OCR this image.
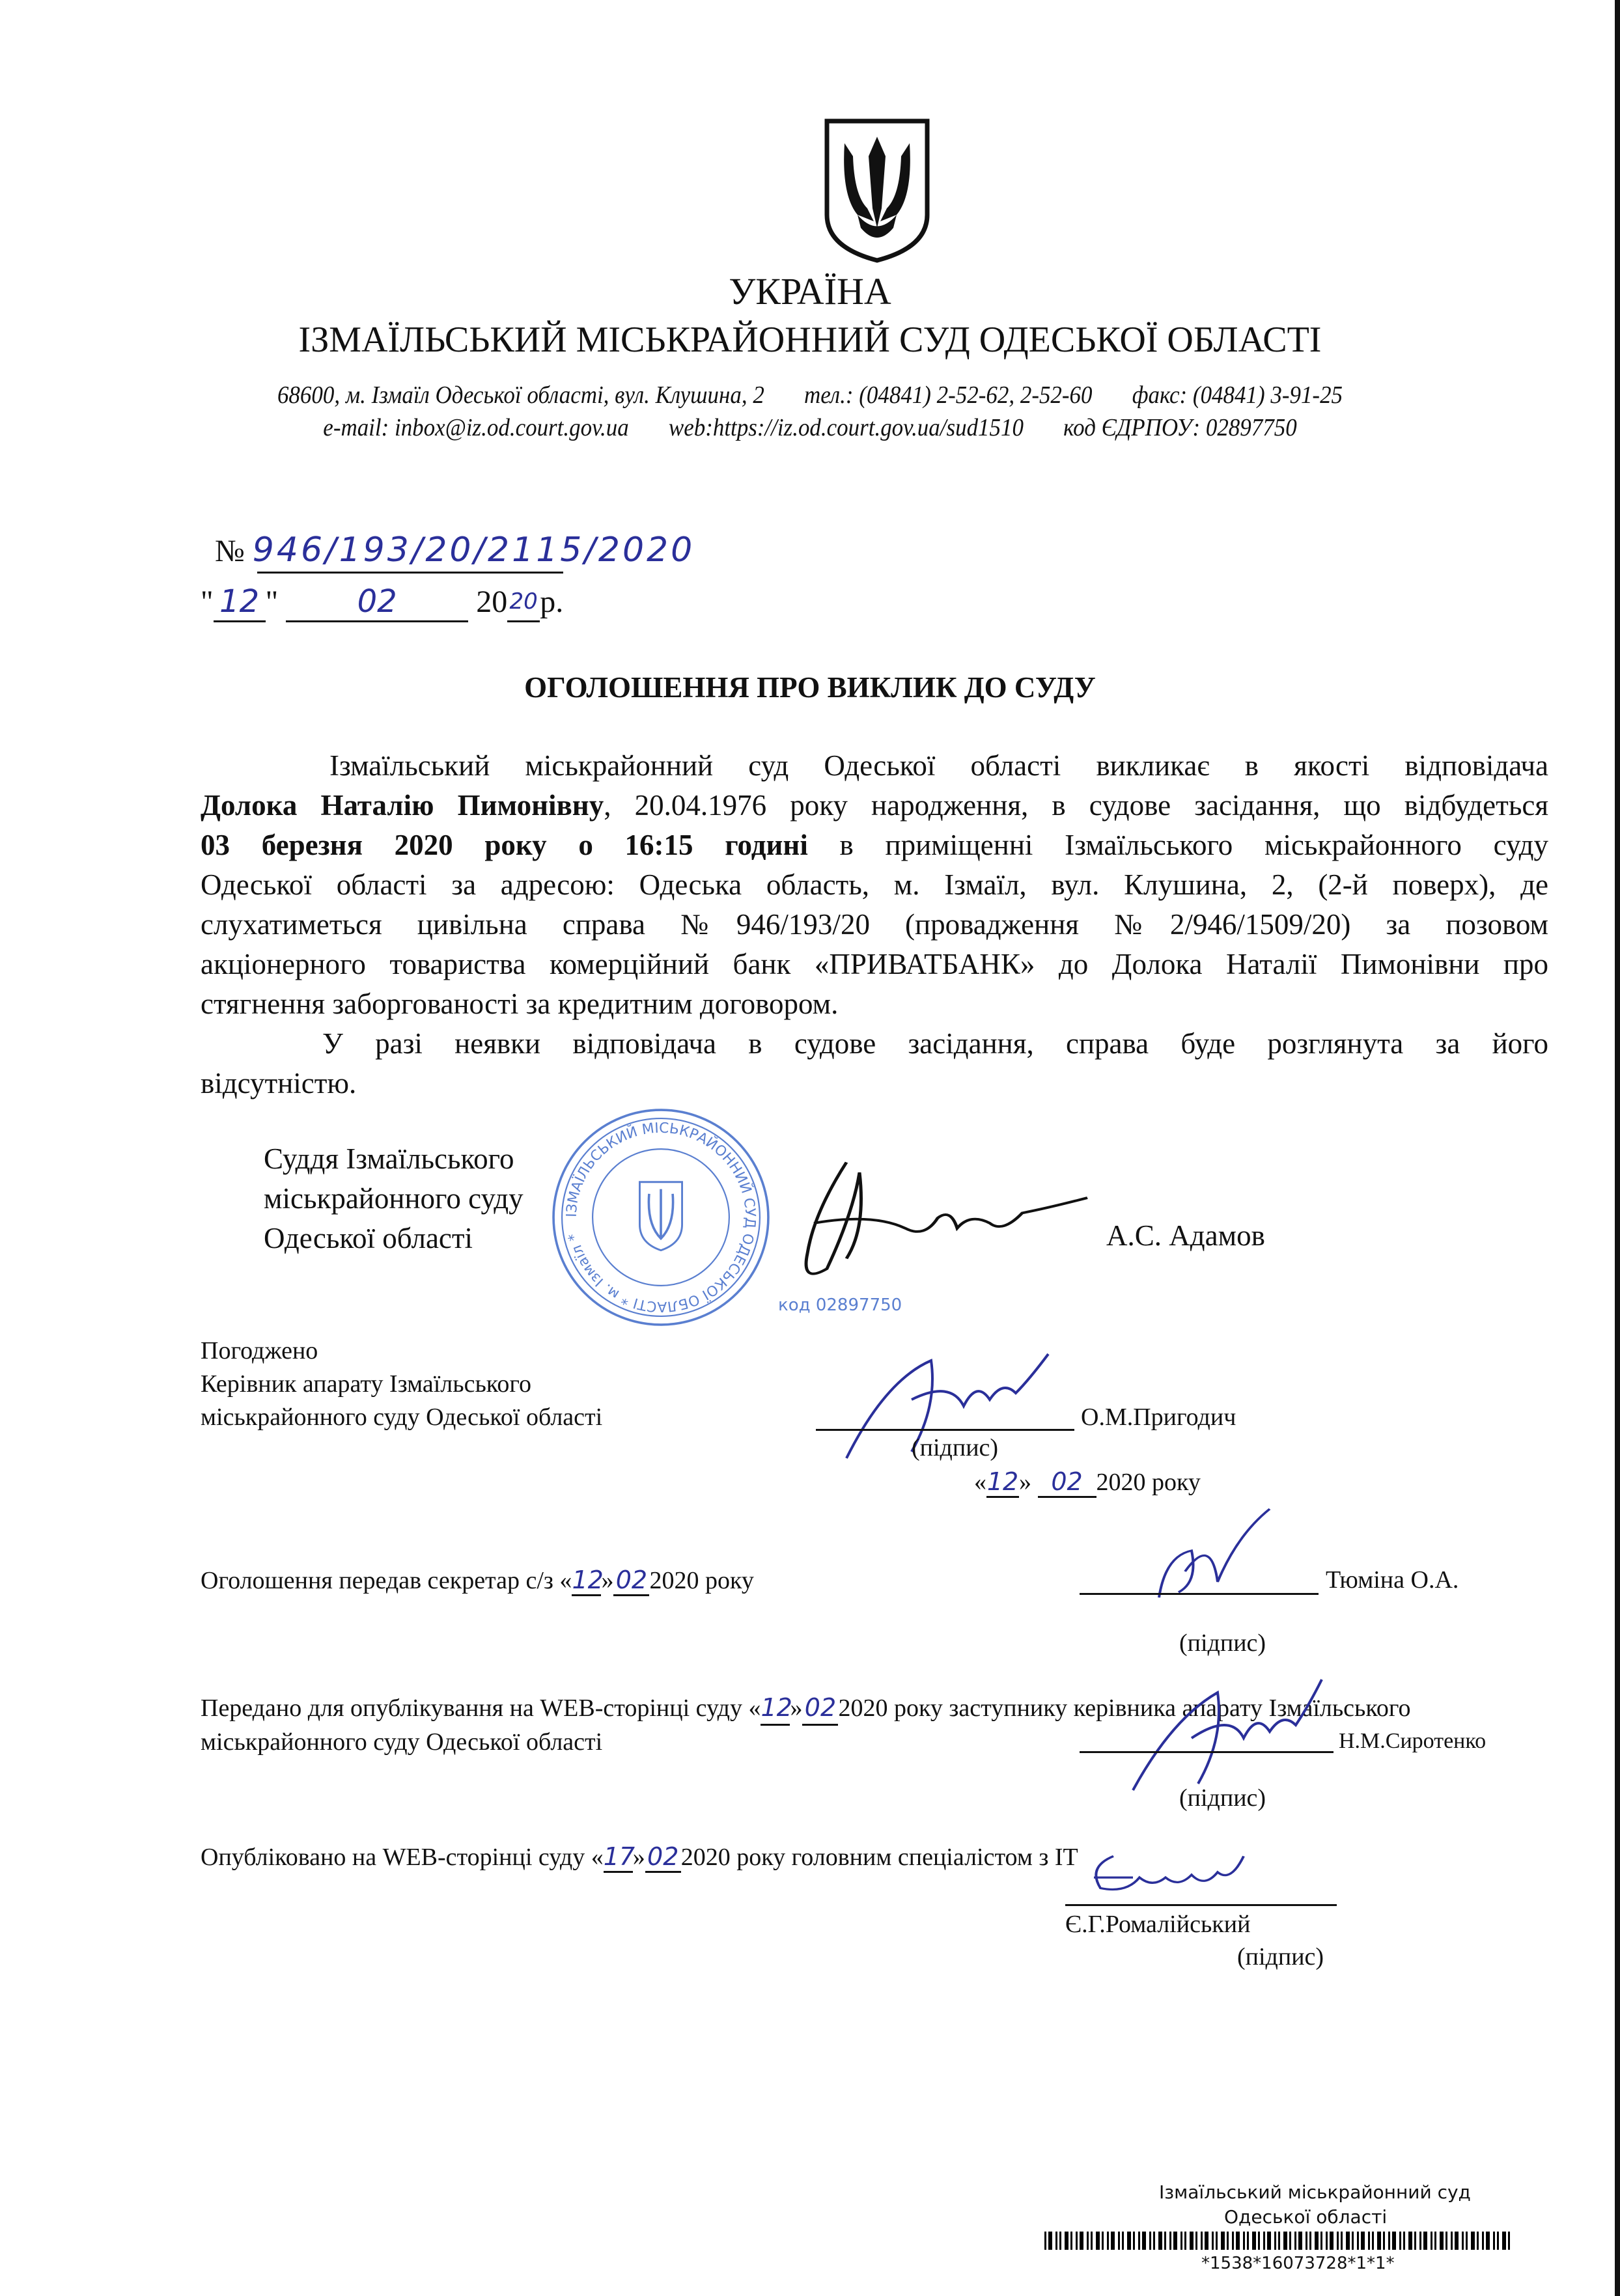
УКРАЇНА
ІЗМАЇЛЬСЬКИЙ МІСЬКРАЙОННИЙ СУД ОДЕСЬКОЇ ОБЛАСТІ
68600, м. Ізмаїл Одеської області, вул. Клушина, 2 тел.: (04841) 2-52-62, 2-52-60 факс: (04841) 3-91-25
e-mail: inbox@iz.od.court.gov.ua web:https://iz.od.court.gov.ua/sud1510 код ЄДРПОУ: 02897750
№ 946/193/20/2115/2020
" 12 " 02	2020р.
ОГОЛОШЕННЯ ПРО ВИКЛИК ДО СУДУ
Ізмаїльський міськрайонний суд Одеської області викликає в якості відповідача
Долока Наталію Пимонівну, 20.04.1976 року народження, в судове засідання, що відбудеться
03 березня 2020 року о 16:15 годині в приміщенні Ізмаїльського міськрайонного суду
Одеської області за адресою: Одеська область, м. Ізмаїл, вул. Клушина, 2, (2-й поверх), де
слухатиметься цивільна справа №946/193/20 (провадження №2/946/1509/20) за позовом
акціонерного товариства комерційний банк «ПРИВАТБАНК» до Долока Наталії Пимонівни про
стягнення заборгованості за кредитним договором.
У разі неявки відповідача в судове засідання, справа буде розглянута за його
відсутністю.
ІЗМАЇЛЬСЬКИЙ МІСЬКРАЙОННИЙ СУД ОДЕСЬКОЇ ОБЛАСТІ * м. Ізмаїл *
код 02897750
Суддя Ізмаїльського
міськрайонного суду
Одеської області	А.С. Адамов
Погоджено
Керівник апарату Ізмаїльського
міськрайонного суду Одеської області	О.М.Пригодич
(підпис)
«12» 02 2020 року
Оголошення передав секретар с/з «12»022020 року	Тюміна О.А.
(підпис)
Передано для опублікування на WEB-сторінці суду «12»022020 року заступнику керівника апарату Ізмаїльського
міськрайонного суду Одеської області	Н.М.Сиротенко
(підпис)
Опубліковано на WEB-сторінці суду «17»022020 року головним спеціалістом з IT
Є.Г.Ромалійський
(підпис)
Ізмаїльський міськрайонний суд
Одеської області
*1538*16073728*1*1*
